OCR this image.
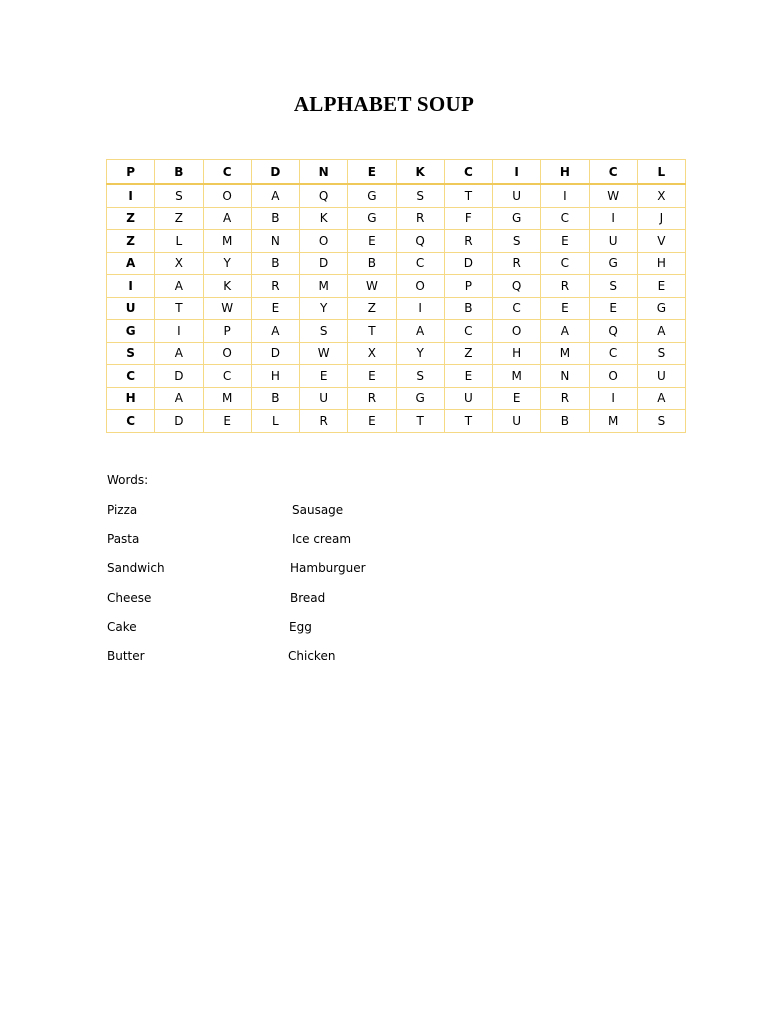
ALPHABET SOUP
P	B	C	D	N	E	K	C	I	H	C	L
I	S	O	A	Q	G	S	T	U	I	W	X
Z	Z	A	B	K	G	R	F	G	C	I	J
Z	L	M	N	O	E	Q	R	S	E	U	V
A	X	Y	B	D	B	C	D	R	C	G	H
I	A	K	R	M	W	O	P	Q	R	S	E
U	T	W	E	Y	Z	I	B	C	E	E	G
G	I	P	A	S	T	A	C	O	A	Q	A
S	A	O	D	W	X	Y	Z	H	M	C	S
C	D	C	H	E	E	S	E	M	N	O	U
H	A	M	B	U	R	G	U	E	R	I	A
C	D	E	L	R	E	T	T	U	B	M	S
Words:
Pizza
Pasta
Sandwich
Cheese
Cake
Butter
Sausage
Ice cream
Hamburguer
Bread
Egg
Chicken
